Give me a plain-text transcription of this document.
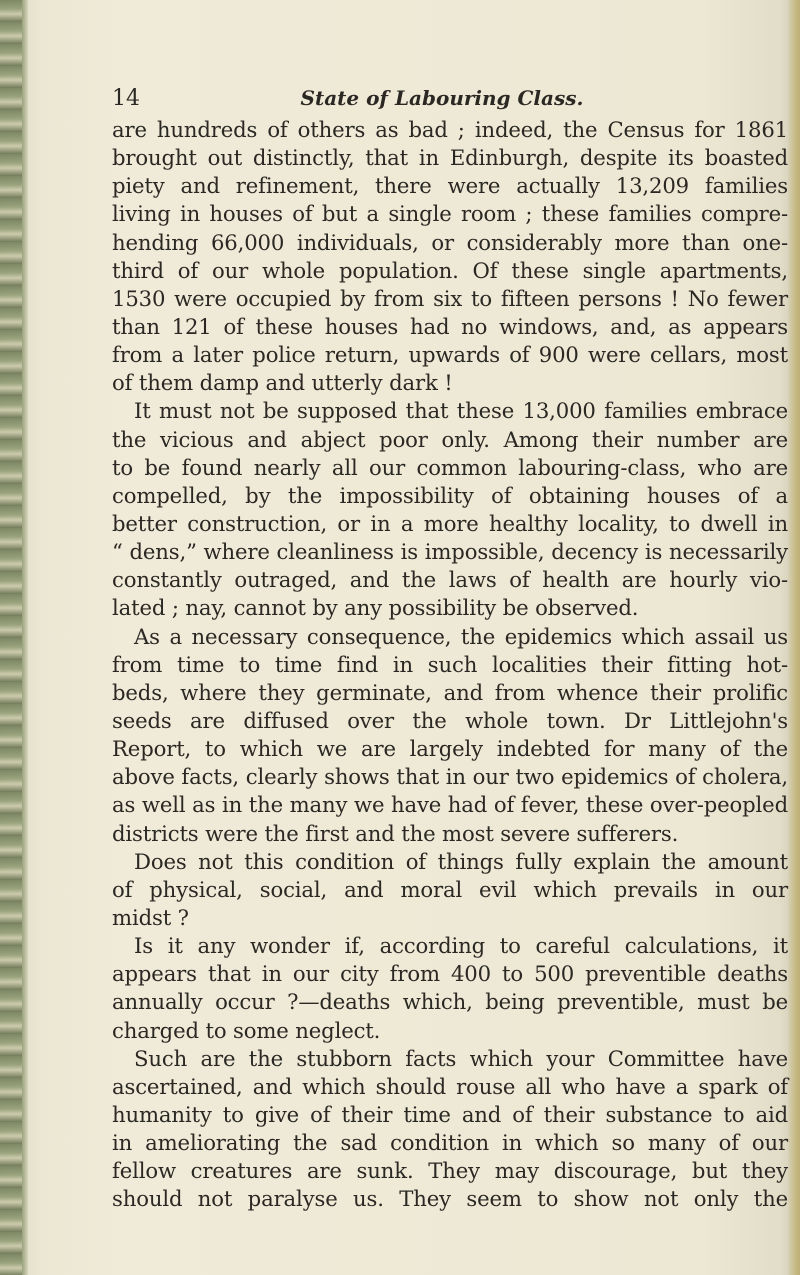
14	State of Labouring Class.
are hundreds of others as bad ; indeed, the Census for 1861
brought out distinctly, that in Edinburgh, despite its boasted
piety and refinement, there were actually 13,209 families
living in houses of but a single room ; these families compre-
hending 66,000 individuals, or considerably more than one-
third of our whole population. Of these single apartments,
1530 were occupied by from six to fifteen persons ! No fewer
than 121 of these houses had no windows, and, as appears
from a later police return, upwards of 900 were cellars, most
of them damp and utterly dark !
It must not be supposed that these 13,000 families embrace
the vicious and abject poor only. Among their number are
to be found nearly all our common labouring-class, who are
compelled, by the impossibility of obtaining houses of a
better construction, or in a more healthy locality, to dwell in
“ dens,” where cleanliness is impossible, decency is necessarily
constantly outraged, and the laws of health are hourly vio-
lated ; nay, cannot by any possibility be observed.
As a necessary consequence, the epidemics which assail us
from time to time find in such localities their fitting hot-
beds, where they germinate, and from whence their prolific
seeds are diffused over the whole town. Dr Littlejohn's
Report, to which we are largely indebted for many of the
above facts, clearly shows that in our two epidemics of cholera,
as well as in the many we have had of fever, these over-peopled
districts were the first and the most severe sufferers.
Does not this condition of things fully explain the amount
of physical, social, and moral evil which prevails in our
midst ?
Is it any wonder if, according to careful calculations, it
appears that in our city from 400 to 500 preventible deaths
annually occur ?—deaths which, being preventible, must be
charged to some neglect.
Such are the stubborn facts which your Committee have
ascertained, and which should rouse all who have a spark of
humanity to give of their time and of their substance to aid
in ameliorating the sad condition in which so many of our
fellow creatures are sunk. They may discourage, but they
should not paralyse us. They seem to show not only the
